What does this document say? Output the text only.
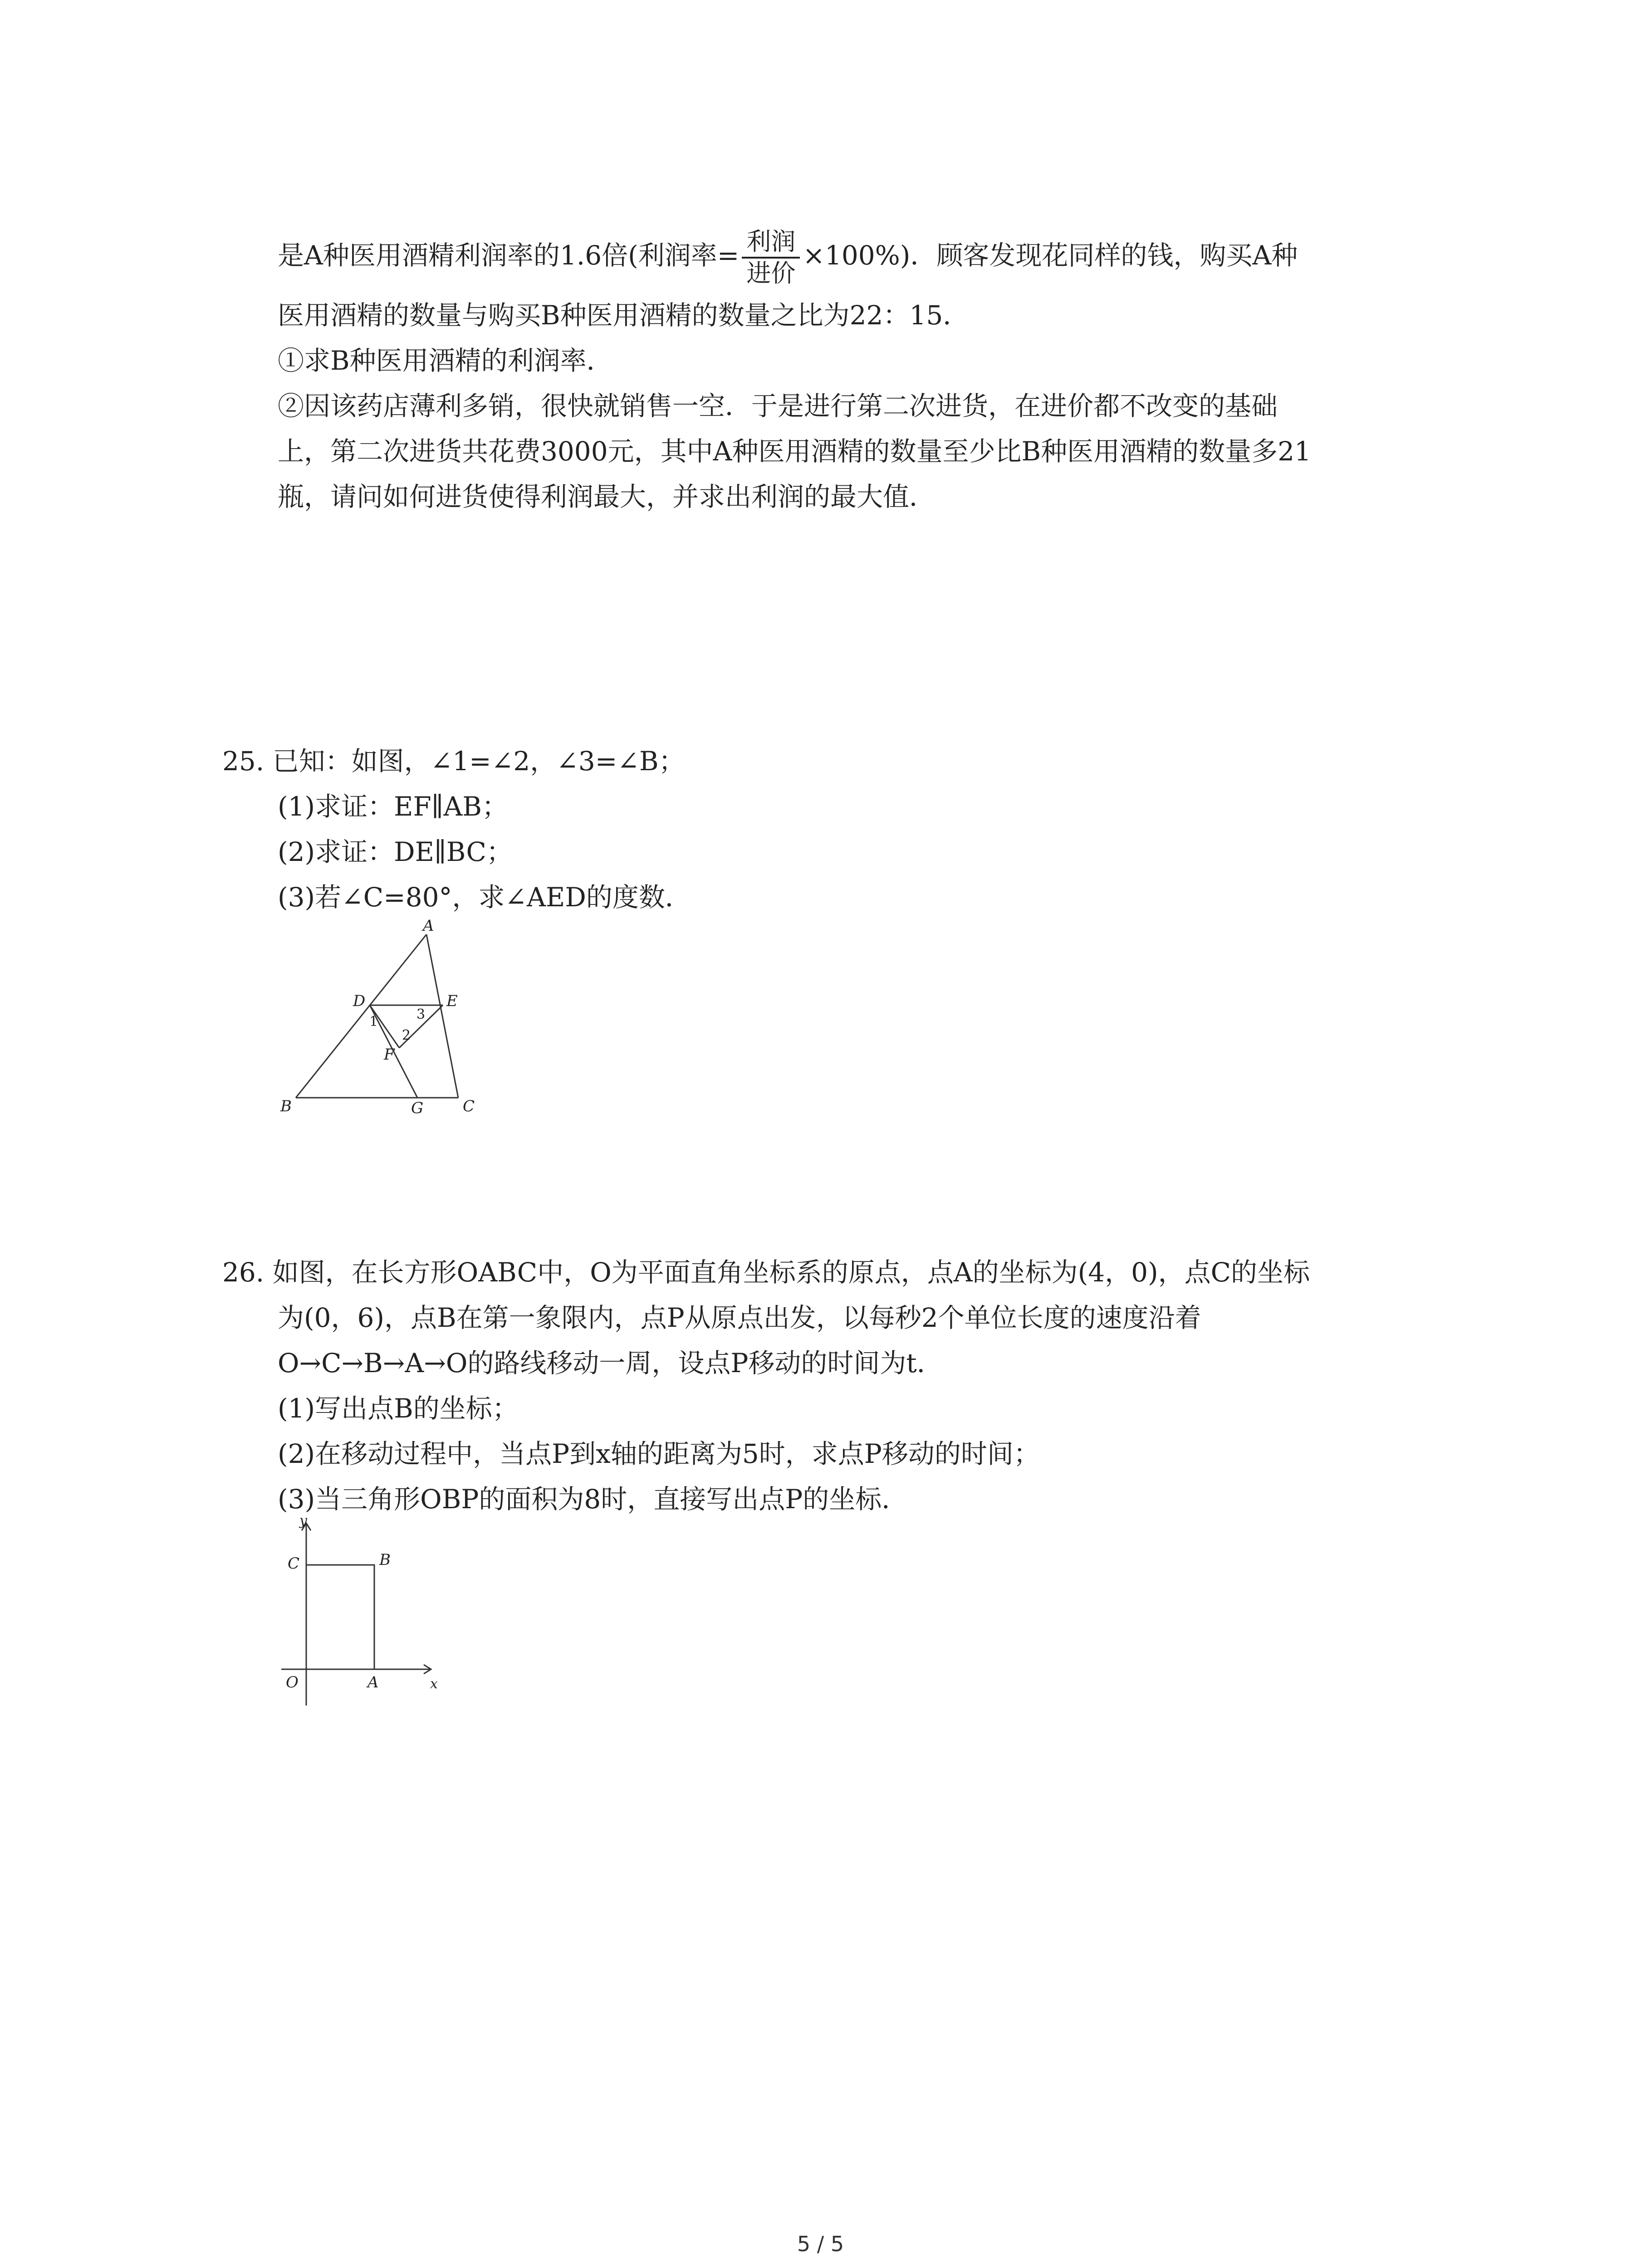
是A种医用酒精利润率的1.6倍(利润率= $\frac{\text{利润}}{\text{进价}} \times 100\%$)．顾客发现花同样的钱，购买A种
医用酒精的数量与购买B种医用酒精的数量之比为22：15．
①求B种医用酒精的利润率．
②因该药店薄利多销，很快就销售一空．于是进行第二次进货，在进价都不改变的基础
上，第二次进货共花费3000元，其中A种医用酒精的数量至少比B种医用酒精的数量多21
瓶，请问如何进货使得利润最大，并求出利润的最大值．
25. 已知：如图，∠1=∠2，∠3=∠B；
(1)求证：EF∥AB；
(2)求证：DE∥BC；
(3)若∠C=80°，求∠AED的度数．
A
B	C
D	E
F
G
1
2
3
26. 如图，在长方形OABC中，O为平面直角坐标系的原点，点A的坐标为(4，0)，点C的坐标
为(0，6)，点B在第一象限内，点P从原点出发，以每秒2个单位长度的速度沿着
O→C→B→A→O的路线移动一周，设点P移动的时间为t．
(1)写出点B的坐标；
(2)在移动过程中，当点P到x轴的距离为5时，求点P移动的时间；
(3)当三角形OBP的面积为8时，直接写出点P的坐标．
y
x
O	A
B
C
5 / 5
